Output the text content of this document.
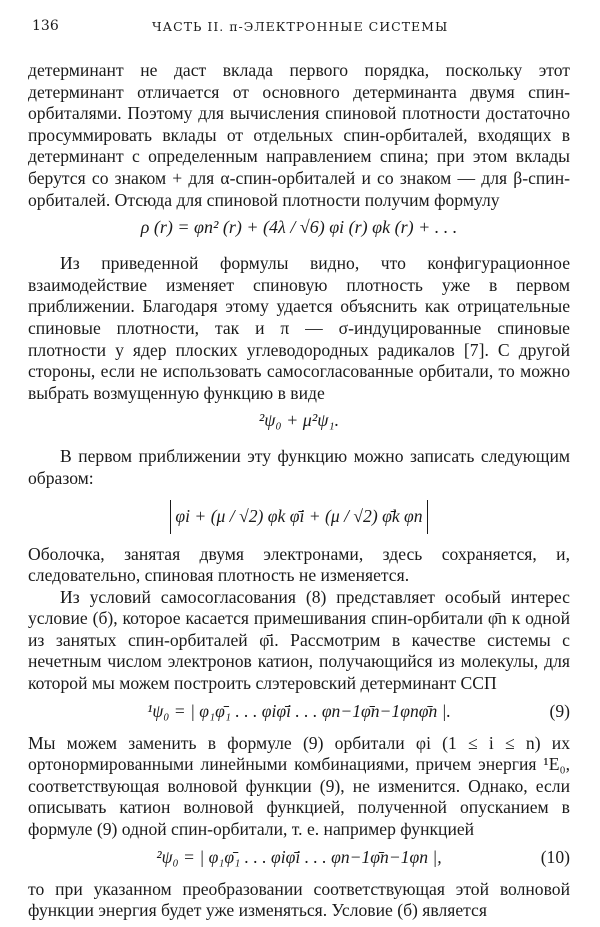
136	ЧАСТЬ II. π-ЭЛЕКТРОННЫЕ СИСТЕМЫ

детерминант не даст вклада первого порядка, поскольку этот детерминант отличается от основного детерминанта двумя спин-орбиталями. Поэтому для вычисления спиновой плотности достаточно просуммировать вклады от отдельных спин-орбиталей, входящих в детерминант с определенным направлением спина; при этом вклады берутся со знаком + для α-спин-орбиталей и со знаком — для β-спин-орбиталей. Отсюда для спиновой плотности получим формулу

ρ (r) = φn² (r) + (4λ / √6) φi (r) φk (r) + . . .

Из приведенной формулы видно, что конфигурационное взаимодействие изменяет спиновую плотность уже в первом приближении. Благодаря этому удается объяснить как отрицательные спиновые плотности, так и π — σ-индуцированные спиновые плотности у ядер плоских углеводородных радикалов [7]. С другой стороны, если не использовать самосогласованные орбитали, то можно выбрать возмущенную функцию в виде

²ψ₀ + μ²ψ₁.

В первом приближении эту функцию можно записать следующим образом:

φi + (μ / √2) φk φ̄i + (μ / √2) φ̄k φn

Оболочка, занятая двумя электронами, здесь сохраняется, и, следовательно, спиновая плотность не изменяется.

Из условий самосогласования (8) представляет особый интерес условие (б), которое касается примешивания спин-орбитали φ̄n к одной из занятых спин-орбиталей φ̄i. Рассмотрим в качестве системы с нечетным числом электронов катион, получающийся из молекулы, для которой мы можем построить слэтеровский детерминант ССП

¹ψ₀ = | φ₁φ̄₁ . . . φiφ̄i . . . φn−1φ̄n−1φnφ̄n |.	(9)

Мы можем заменить в формуле (9) орбитали φi (1 ≤ i ≤ n) их ортонормированными линейными комбинациями, причем энергия ¹E₀, соответствующая волновой функции (9), не изменится. Однако, если описывать катион волновой функцией, полученной опусканием в формуле (9) одной спин-орбитали, т. е. например функцией

²ψ₀ = | φ₁φ̄₁ . . . φiφ̄i . . . φn−1φ̄n−1φn |,	(10)

то при указанном преобразовании соответствующая этой волновой функции энергия будет уже изменяться. Условие (б) является
